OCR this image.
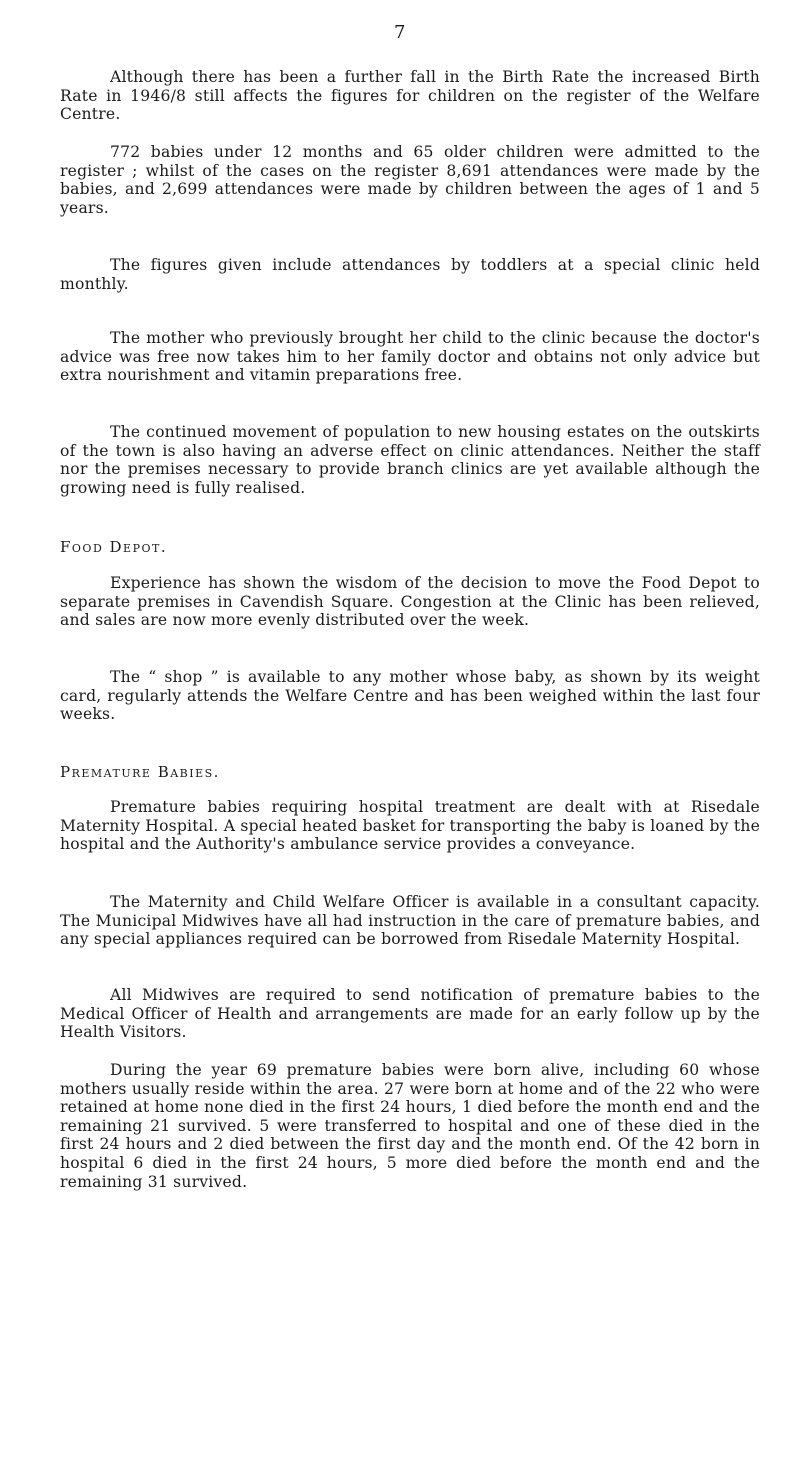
7

Although there has been a further fall in the Birth Rate the increased Birth Rate in 1946/8 still affects the figures for children on the register of the Welfare Centre.

772 babies under 12 months and 65 older children were admitted to the register ; whilst of the cases on the register 8,691 attendances were made by the babies, and 2,699 attendances were made by children between the ages of 1 and 5 years.

The figures given include attendances by toddlers at a special clinic held monthly.

The mother who previously brought her child to the clinic because the doctor's advice was free now takes him to her family doctor and obtains not only advice but extra nourishment and vitamin preparations free.

The continued movement of population to new housing estates on the outskirts of the town is also having an adverse effect on clinic attendances. Neither the staff nor the premises necessary to provide branch clinics are yet available although the growing need is fully realised.

Food Depot.

Experience has shown the wisdom of the decision to move the Food Depot to separate premises in Cavendish Square. Congestion at the Clinic has been relieved, and sales are now more evenly distributed over the week.

The “ shop ” is available to any mother whose baby, as shown by its weight card, regularly attends the Welfare Centre and has been weighed within the last four weeks.

Premature Babies.

Premature babies requiring hospital treatment are dealt with at Risedale Maternity Hospital. A special heated basket for transporting the baby is loaned by the hospital and the Authority's ambulance service provides a conveyance.

The Maternity and Child Welfare Officer is available in a consultant capacity. The Municipal Midwives have all had instruction in the care of premature babies, and any special appliances required can be borrowed from Risedale Maternity Hospital.

All Midwives are required to send notification of premature babies to the Medical Officer of Health and arrangements are made for an early follow up by the Health Visitors.

During the year 69 premature babies were born alive, including 60 whose mothers usually reside within the area. 27 were born at home and of the 22 who were retained at home none died in the first 24 hours, 1 died before the month end and the remaining 21 survived. 5 were transferred to hospital and one of these died in the first 24 hours and 2 died between the first day and the month end. Of the 42 born in hospital 6 died in the first 24 hours, 5 more died before the month end and the remaining 31 survived.
